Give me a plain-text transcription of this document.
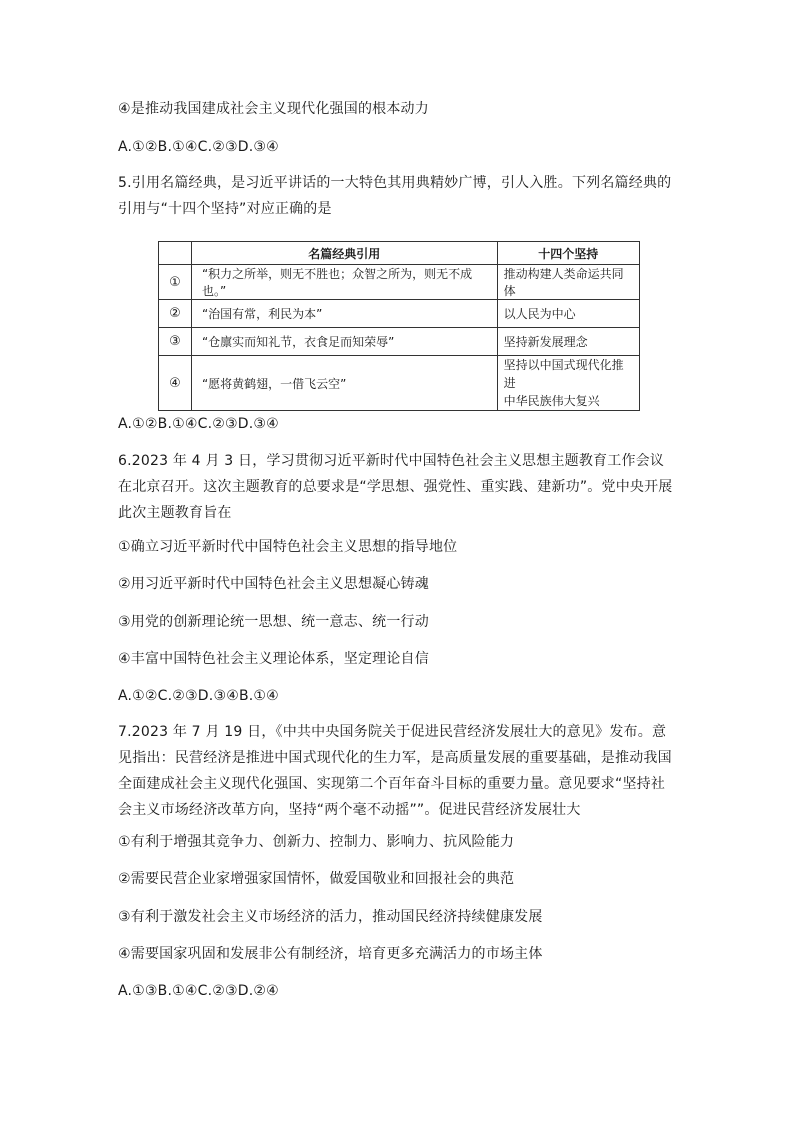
④是推动我国建成社会主义现代化强国的根本动力
A.①②B.①④C.②③D.③④
5.引用名篇经典，是习近平讲话的一大特色其用典精妙广博，引人入胜。下列名篇经典的引用与“十四个坚持”对应正确的是
	名篇经典引用	十四个坚持
①	“积力之所举，则无不胜也；众智之所为，则无不成也。”	推动构建人类命运共同体
②	“治国有常，利民为本”	以人民为中心
③	“仓廪实而知礼节，衣食足而知荣辱”	坚持新发展理念
④	“愿将黄鹤翅，一借飞云空”	坚持以中国式现代化推进
中华民族伟大复兴
A.①②B.①④C.②③D.③④
6.2023 年 4 月 3 日，学习贯彻习近平新时代中国特色社会主义思想主题教育工作会议在北京召开。这次主题教育的总要求是“学思想、强党性、重实践、建新功”。党中央开展此次主题教育旨在
①确立习近平新时代中国特色社会主义思想的指导地位
②用习近平新时代中国特色社会主义思想凝心铸魂
③用党的创新理论统一思想、统一意志、统一行动
④丰富中国特色社会主义理论体系，坚定理论自信
A.①②C.②③D.③④B.①④
7.2023 年 7 月 19 日，《中共中央国务院关于促进民营经济发展壮大的意见》发布。意见指出：民营经济是推进中国式现代化的生力军，是高质量发展的重要基础，是推动我国全面建成社会主义现代化强国、实现第二个百年奋斗目标的重要力量。意见要求“坚持社会主义市场经济改革方向，坚持“两个毫不动摇””。促进民营经济发展壮大
①有利于增强其竞争力、创新力、控制力、影响力、抗风险能力
②需要民营企业家增强家国情怀，做爱国敬业和回报社会的典范
③有利于激发社会主义市场经济的活力，推动国民经济持续健康发展
④需要国家巩固和发展非公有制经济，培育更多充满活力的市场主体
A.①③B.①④C.②③D.②④
